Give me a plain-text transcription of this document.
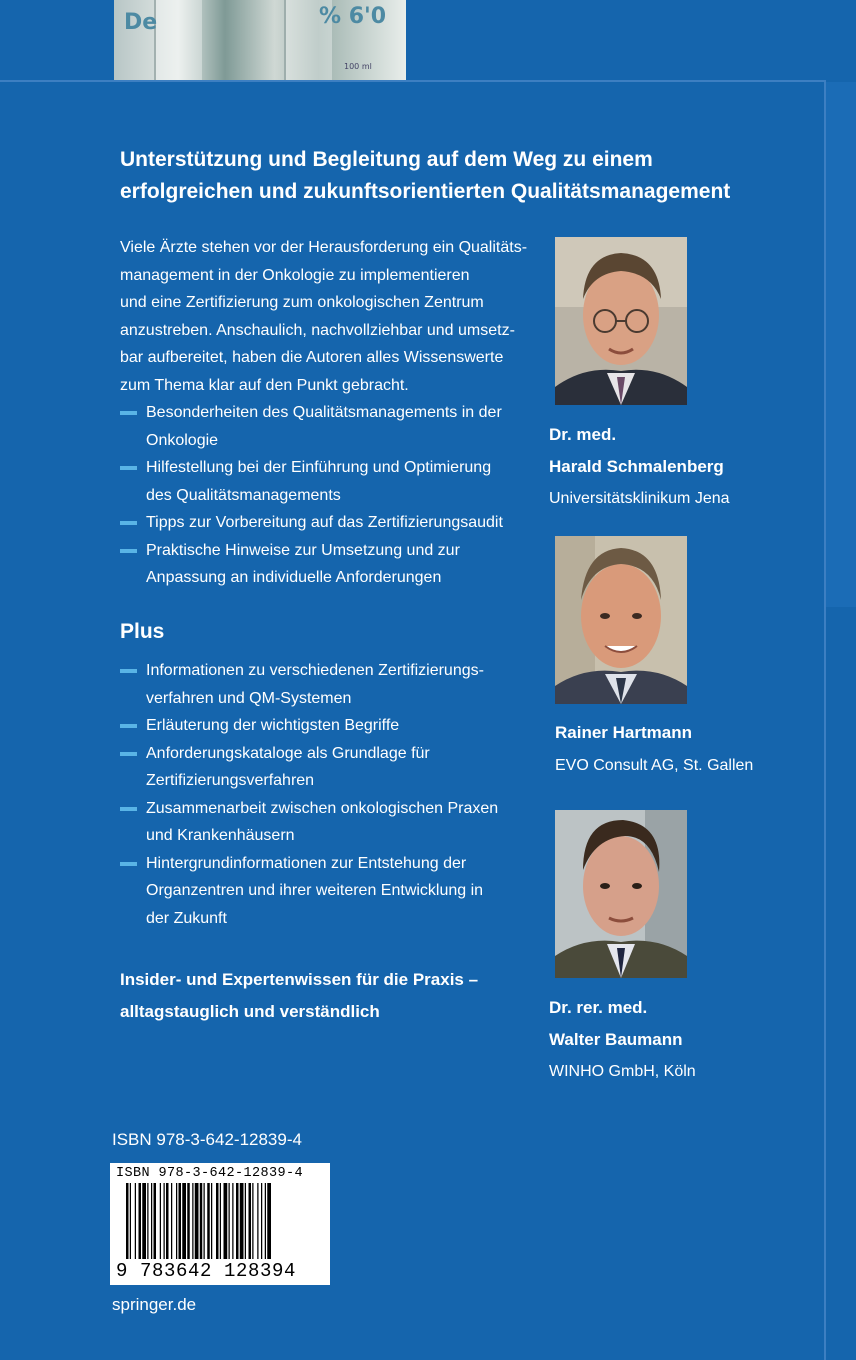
De	% 6'0
100 ml
Unterstützung und Begleitung auf dem Weg zu einem
erfolgreichen und zukunftsorientierten Qualitätsmanagement
Viele Ärzte stehen vor der Herausforderung ein Qualitäts-
management in der Onkologie zu implementieren
und eine Zertifizierung zum onkologischen Zentrum
anzustreben. Anschaulich, nachvollziehbar und umsetz-
bar aufbereitet, haben die Autoren alles Wissenswerte
zum Thema klar auf den Punkt gebracht.
Besonderheiten des Qualitätsmanagements in der
Onkologie
Hilfestellung bei der Einführung und Optimierung
des Qualitätsmanagements
Tipps zur Vorbereitung auf das Zertifizierungsaudit
Praktische Hinweise zur Umsetzung und zur
Anpassung an individuelle Anforderungen
Plus
Informationen zu verschiedenen Zertifizierungs-
verfahren und QM-Systemen
Erläuterung der wichtigsten Begriffe
Anforderungskataloge als Grundlage für
Zertifizierungsverfahren
Zusammenarbeit zwischen onkologischen Praxen
und Krankenhäusern
Hintergrundinformationen zur Entstehung der
Organzentren und ihrer weiteren Entwicklung in
der Zukunft
Insider- und Expertenwissen für die Praxis –
alltagstauglich und verständlich
Dr. med.
Harald Schmalenberg
Universitätsklinikum Jena
Rainer Hartmann
EVO Consult AG, St. Gallen
Dr. rer. med.
Walter Baumann
WINHO GmbH, Köln
ISBN 978-3-642-12839-4
ISBN 978-3-642-12839-4
9 783642 128394
springer.de
